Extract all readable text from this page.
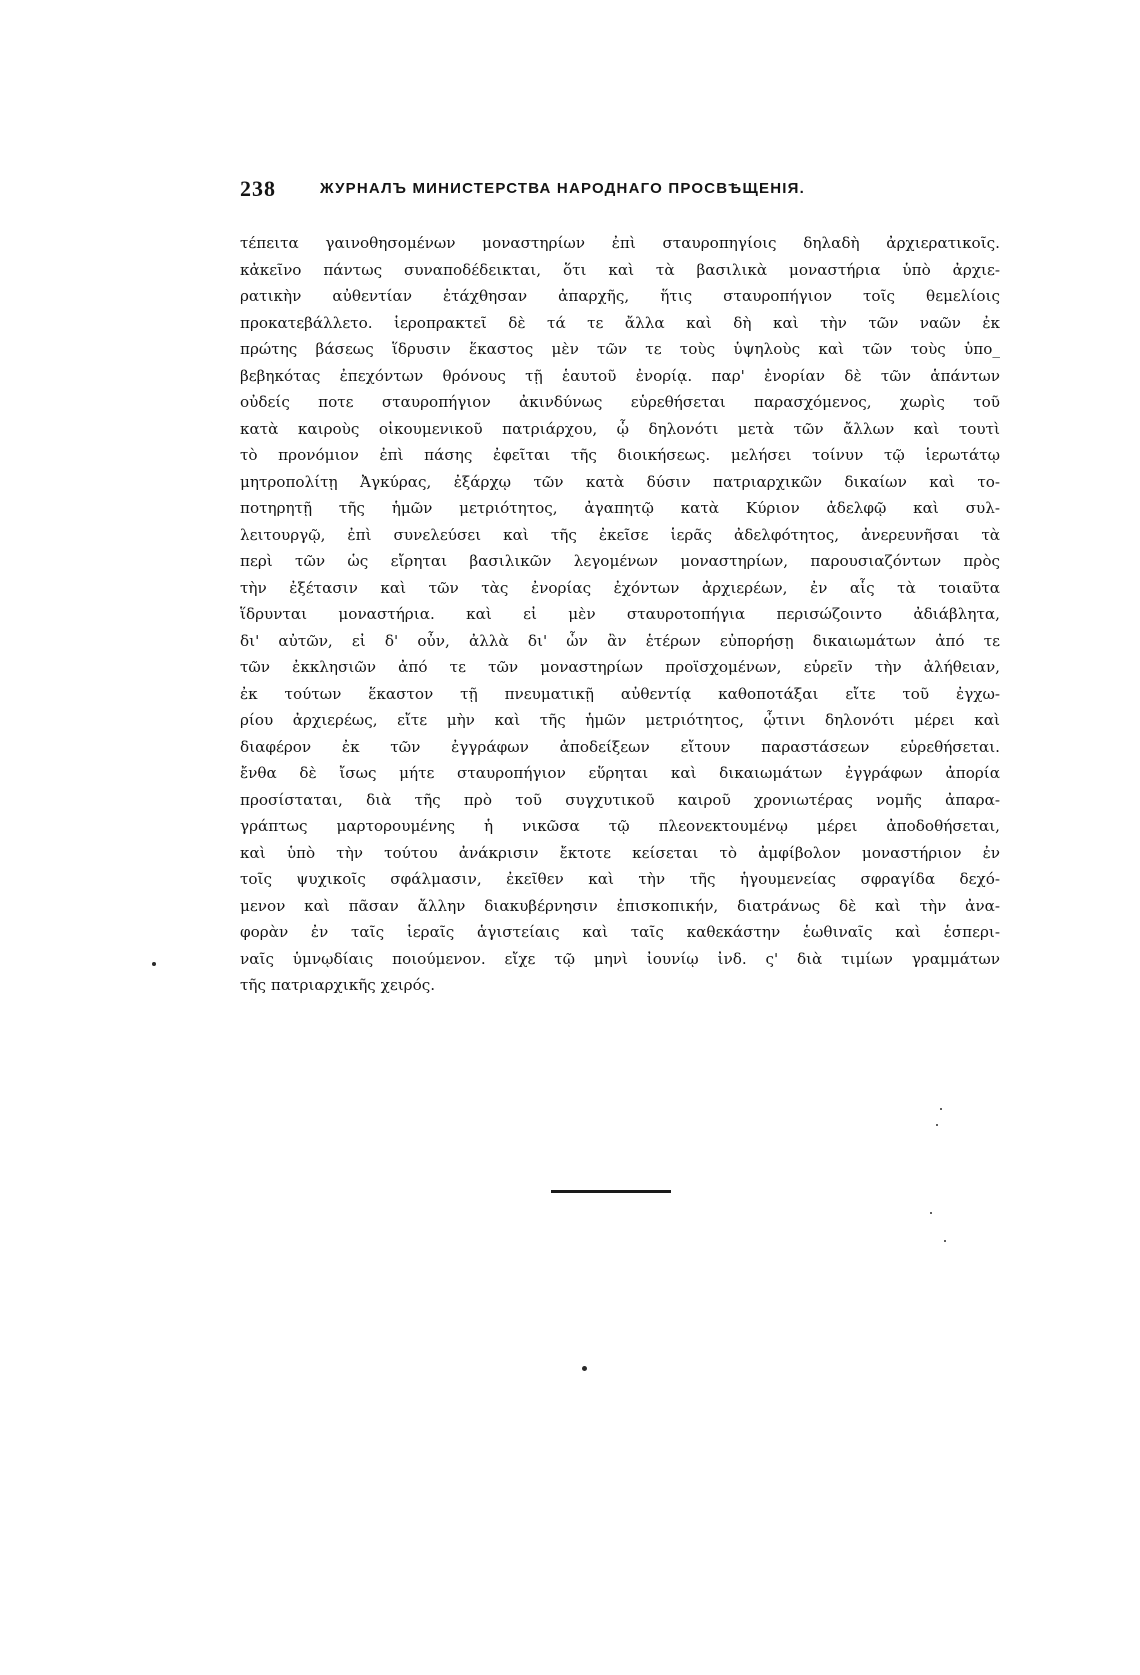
238	ЖУРНАЛЪ МИНИСТЕРСТВА НАРОДНАГО ПРОСВѢЩЕНІЯ.
τέπειτα γαινοθησομένων μοναστηρίων ἐπὶ σταυροπηγίοις δηλαδὴ ἀρχιερατικοῖς.
κἀκεῖνο πάντως συναποδέδεικται, ὅτι καὶ τὰ βασιλικὰ μοναστήρια ὑπὸ ἀρχιε-
ρατικὴν αὐθεντίαν ἐτάχθησαν ἀπαρχῆς, ἥτις σταυροπήγιον τοῖς θεμελίοις
προκατεβάλλετο. ἱεροπρακτεῖ δὲ τά τε ἄλλα καὶ δὴ καὶ τὴν τῶν ναῶν ἐκ
πρώτης βάσεως ἵδρυσιν ἕκαστος μὲν τῶν τε τοὺς ὑψηλοὺς καὶ τῶν τοὺς ὑπο_
βεβηκότας ἐπεχόντων θρόνους τῇ ἑαυτοῦ ἐνορίᾳ. παρ' ἐνορίαν δὲ τῶν ἁπάντων
οὐδείς ποτε σταυροπήγιον ἀκινδύνως εὑρεθήσεται παρασχόμενος, χωρὶς τοῦ
κατὰ καιροὺς οἰκουμενικοῦ πατριάρχου, ᾧ δηλονότι μετὰ τῶν ἄλλων καὶ τουτὶ
τὸ προνόμιον ἐπὶ πάσης ἐφεῖται τῆς διοικήσεως. μελήσει τοίνυν τῷ ἱερωτάτῳ
μητροπολίτῃ Ἀγκύρας, ἐξάρχῳ τῶν κατὰ δύσιν πατριαρχικῶν δικαίων καὶ το-
ποτηρητῇ τῆς ἡμῶν μετριότητος, ἀγαπητῷ κατὰ Κύριον ἀδελφῷ καὶ συλ-
λειτουργῷ, ἐπὶ συνελεύσει καὶ τῆς ἐκεῖσε ἱερᾶς ἀδελφότητος, ἀνερευνῆσαι τὰ
περὶ τῶν ὡς εἴρηται βασιλικῶν λεγομένων μοναστηρίων, παρουσιαζόντων πρὸς
τὴν ἐξέτασιν καὶ τῶν τὰς ἐνορίας ἐχόντων ἀρχιερέων, ἐν αἷς τὰ τοιαῦτα
ἵδρυνται μοναστήρια. καὶ εἰ μὲν σταυροτοπήγια περισώζοιντο ἀδιάβλητα,
δι' αὐτῶν, εἰ δ' οὖν, ἀλλὰ δι' ὧν ἂν ἑτέρων εὐπορήσῃ δικαιωμάτων ἀπό τε
τῶν ἐκκλησιῶν ἀπό τε τῶν μοναστηρίων προϊσχομένων, εὑρεῖν τὴν ἀλήθειαν,
ἐκ τούτων ἕκαστον τῇ πνευματικῇ αὐθεντίᾳ καθοποτάξαι εἴτε τοῦ ἐγχω-
ρίου ἀρχιερέως, εἴτε μὴν καὶ τῆς ἡμῶν μετριότητος, ᾧτινι δηλονότι μέρει καὶ
διαφέρον ἐκ τῶν ἐγγράφων ἀποδείξεων εἴτουν παραστάσεων εὑρεθήσεται.
ἔνθα δὲ ἴσως μήτε σταυροπήγιον εὕρηται καὶ δικαιωμάτων ἐγγράφων ἀπορία
προσίσταται, διὰ τῆς πρὸ τοῦ συγχυτικοῦ καιροῦ χρονιωτέρας νομῆς ἀπαρα-
γράπτως μαρτορουμένης ἡ νικῶσα τῷ πλεονεκτουμένῳ μέρει ἀποδοθήσεται,
καὶ ὑπὸ τὴν τούτου ἀνάκρισιν ἔκτοτε κείσεται τὸ ἀμφίβολον μοναστήριον ἐν
τοῖς ψυχικοῖς σφάλμασιν, ἐκεῖθεν καὶ τὴν τῆς ἡγουμενείας σφραγίδα δεχό-
μενον καὶ πᾶσαν ἄλλην διακυβέρνησιν ἐπισκοπικήν, διατράνως δὲ καὶ τὴν ἀνα-
φορὰν ἐν ταῖς ἱεραῖς ἁγιστείαις καὶ ταῖς καθεκάστην ἑωθιναῖς καὶ ἑσπερι-
ναῖς ὑμνῳδίαις ποιούμενον. εἴχε τῷ μηνὶ ἰουνίῳ ἰνδ. ς' διὰ τιμίων γραμμάτων
τῆς πατριαρχικῆς χειρός.
